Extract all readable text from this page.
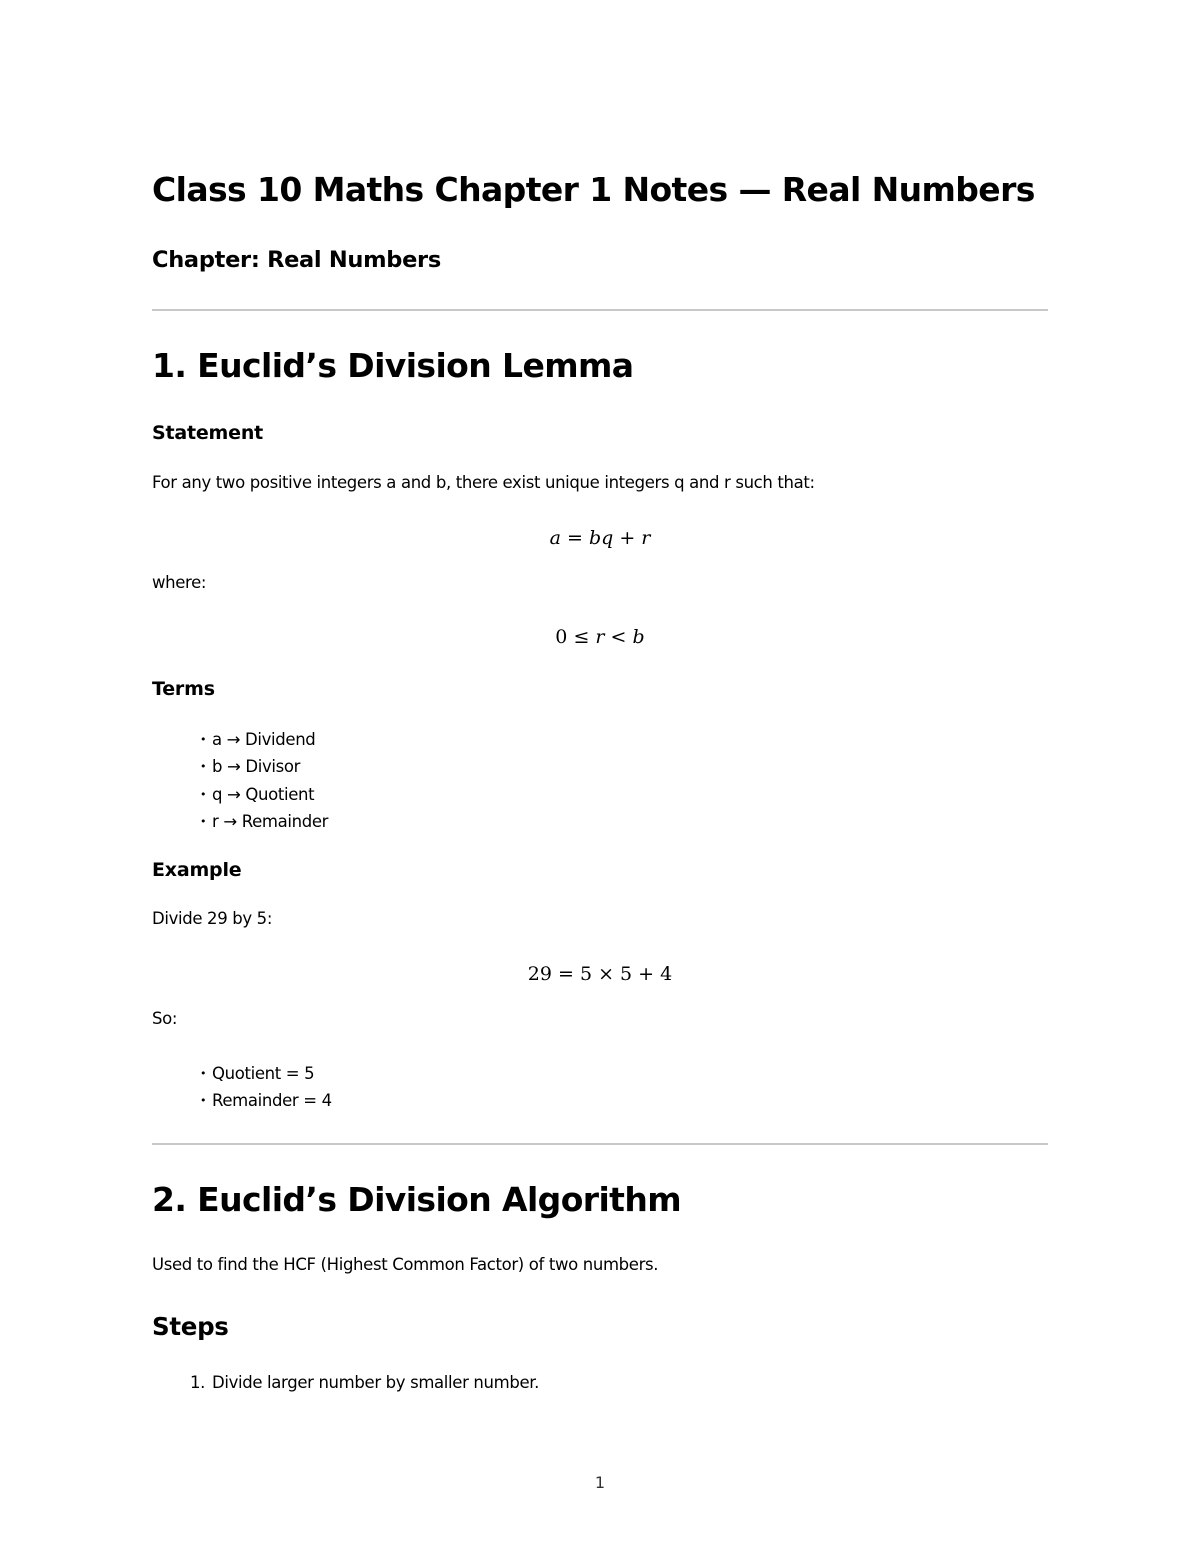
Class 10 Maths Chapter 1 Notes — Real Numbers
Chapter: Real Numbers
1. Euclid’s Division Lemma
Statement

For any two positive integers a and b, there exist unique integers q and r such that:

a = bq + r

where:

0 ≤ r < b
Terms
• a → Dividend
• b → Divisor
• q → Quotient
• r → Remainder
Example

Divide 29 by 5:

29 = 5 × 5 + 4

So:

• Quotient = 5
• Remainder = 4
2. Euclid’s Division Algorithm

Used to find the HCF (Highest Common Factor) of two numbers.

Steps
1. Divide larger number by smaller number.
1
